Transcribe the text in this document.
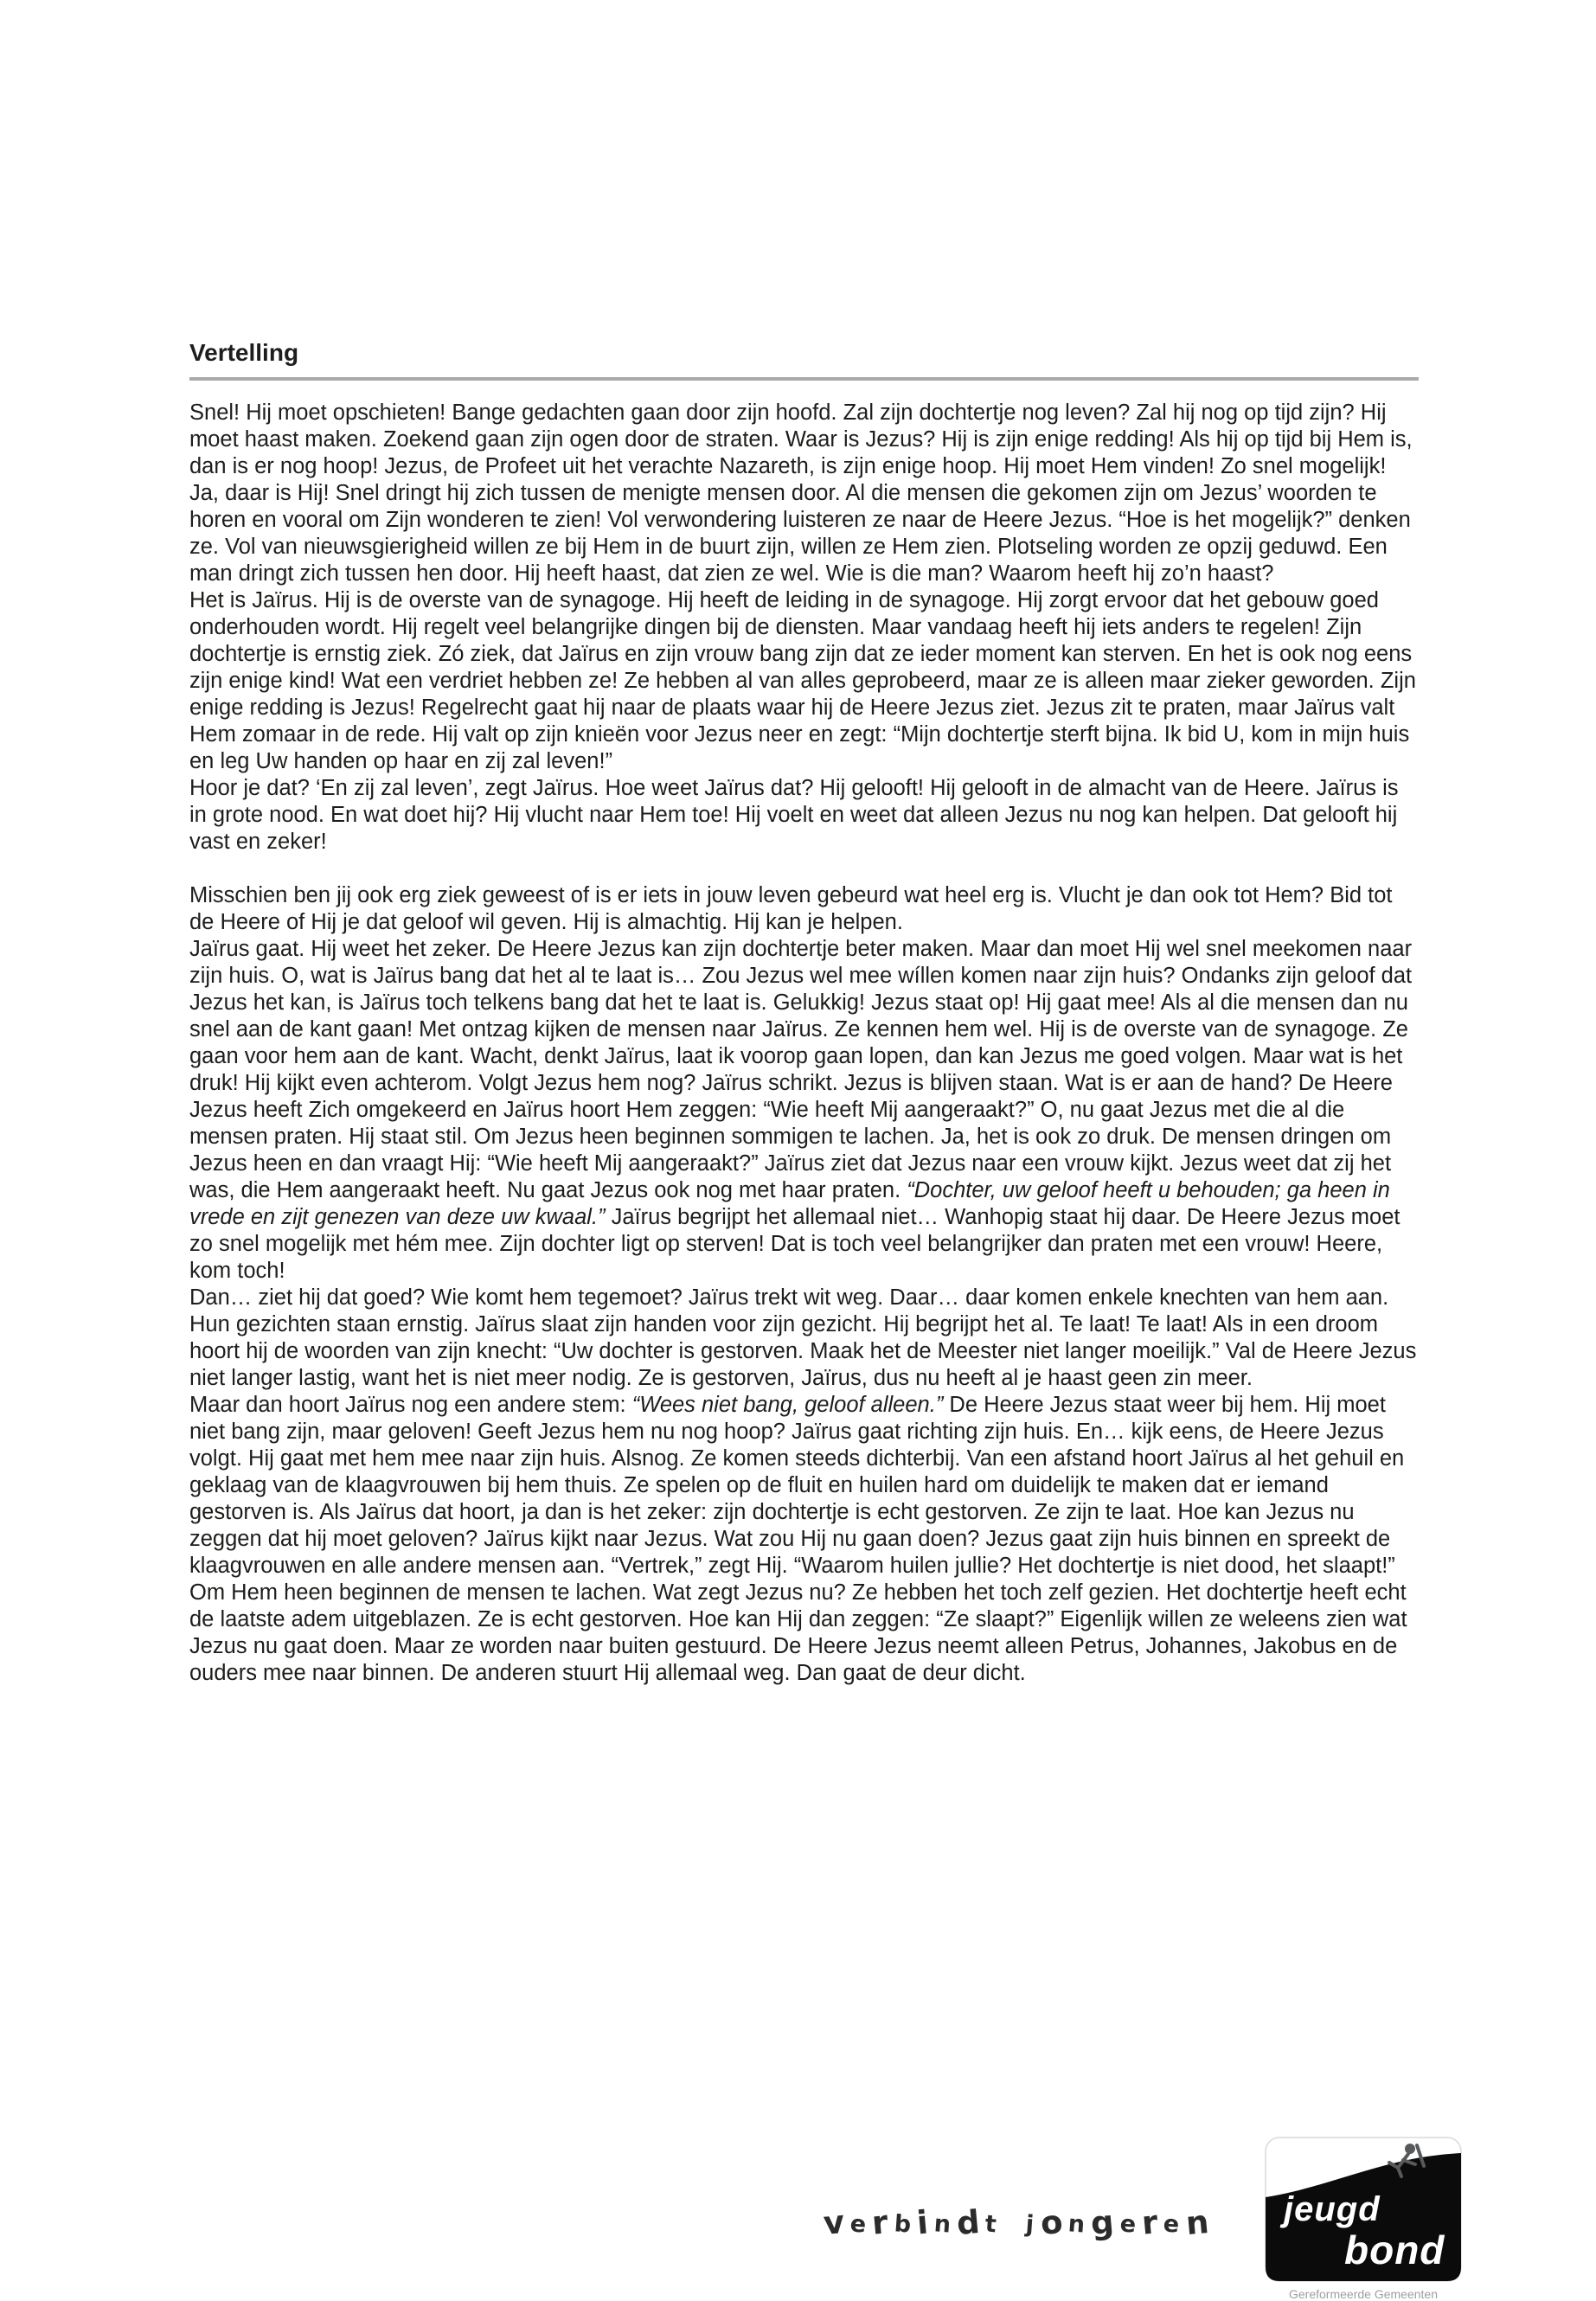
Vertelling

Snel! Hij moet opschieten! Bange gedachten gaan door zijn hoofd. Zal zijn dochtertje nog leven? Zal hij nog op tijd zijn? Hij moet haast maken. Zoekend gaan zijn ogen door de straten. Waar is Jezus? Hij is zijn enige redding! Als hij op tijd bij Hem is, dan is er nog hoop! Jezus, de Profeet uit het verachte Nazareth, is zijn enige hoop. Hij moet Hem vinden! Zo snel mogelijk!

Ja, daar is Hij! Snel dringt hij zich tussen de menigte mensen door. Al die mensen die gekomen zijn om Jezus’ woorden te horen en vooral om Zijn wonderen te zien! Vol verwondering luisteren ze naar de Heere Jezus. “Hoe is het mogelijk?” denken ze. Vol van nieuwsgierigheid willen ze bij Hem in de buurt zijn, willen ze Hem zien. Plotseling worden ze opzij geduwd. Een man dringt zich tussen hen door. Hij heeft haast, dat zien ze wel. Wie is die man? Waarom heeft hij zo’n haast?

Het is Jaïrus. Hij is de overste van de synagoge. Hij heeft de leiding in de synagoge. Hij zorgt ervoor dat het gebouw goed onderhouden wordt. Hij regelt veel belangrijke dingen bij de diensten. Maar vandaag heeft hij iets anders te regelen! Zijn dochtertje is ernstig ziek. Zó ziek, dat Jaïrus en zijn vrouw bang zijn dat ze ieder moment kan sterven. En het is ook nog eens zijn enige kind! Wat een verdriet hebben ze! Ze hebben al van alles geprobeerd, maar ze is alleen maar zieker geworden. Zijn enige redding is Jezus! Regelrecht gaat hij naar de plaats waar hij de Heere Jezus ziet. Jezus zit te praten, maar Jaïrus valt Hem zomaar in de rede. Hij valt op zijn knieën voor Jezus neer en zegt: “Mijn dochtertje sterft bijna. Ik bid U, kom in mijn huis en leg Uw handen op haar en zij zal leven!”

Hoor je dat? ‘En zij zal leven’, zegt Jaïrus. Hoe weet Jaïrus dat? Hij gelooft! Hij gelooft in de almacht van de Heere. Jaïrus is in grote nood. En wat doet hij? Hij vlucht naar Hem toe! Hij voelt en weet dat alleen Jezus nu nog kan helpen. Dat gelooft hij vast en zeker!

Misschien ben jij ook erg ziek geweest of is er iets in jouw leven gebeurd wat heel erg is. Vlucht je dan ook tot Hem? Bid tot de Heere of Hij je dat geloof wil geven. Hij is almachtig. Hij kan je helpen.

Jaïrus gaat. Hij weet het zeker. De Heere Jezus kan zijn dochtertje beter maken. Maar dan moet Hij wel snel meekomen naar zijn huis. O, wat is Jaïrus bang dat het al te laat is… Zou Jezus wel mee wíllen komen naar zijn huis? Ondanks zijn geloof dat Jezus het kan, is Jaïrus toch telkens bang dat het te laat is. Gelukkig! Jezus staat op! Hij gaat mee! Als al die mensen dan nu snel aan de kant gaan! Met ontzag kijken de mensen naar Jaïrus. Ze kennen hem wel. Hij is de overste van de synagoge. Ze gaan voor hem aan de kant. Wacht, denkt Jaïrus, laat ik voorop gaan lopen, dan kan Jezus me goed volgen. Maar wat is het druk! Hij kijkt even achterom. Volgt Jezus hem nog? Jaïrus schrikt. Jezus is blijven staan. Wat is er aan de hand? De Heere Jezus heeft Zich omgekeerd en Jaïrus hoort Hem zeggen: “Wie heeft Mij aangeraakt?” O, nu gaat Jezus met die al die mensen praten. Hij staat stil. Om Jezus heen beginnen sommigen te lachen. Ja, het is ook zo druk. De mensen dringen om Jezus heen en dan vraagt Hij: “Wie heeft Mij aangeraakt?” Jaïrus ziet dat Jezus naar een vrouw kijkt. Jezus weet dat zij het was, die Hem aangeraakt heeft. Nu gaat Jezus ook nog met haar praten. “Dochter, uw geloof heeft u behouden; ga heen in vrede en zijt genezen van deze uw kwaal.” Jaïrus begrijpt het allemaal niet… Wanhopig staat hij daar. De Heere Jezus moet zo snel mogelijk met hém mee. Zijn dochter ligt op sterven! Dat is toch veel belangrijker dan praten met een vrouw! Heere, kom toch!

Dan… ziet hij dat goed? Wie komt hem tegemoet? Jaïrus trekt wit weg. Daar… daar komen enkele knechten van hem aan. Hun gezichten staan ernstig. Jaïrus slaat zijn handen voor zijn gezicht. Hij begrijpt het al. Te laat! Te laat! Als in een droom hoort hij de woorden van zijn knecht: “Uw dochter is gestorven. Maak het de Meester niet langer moeilijk.” Val de Heere Jezus niet langer lastig, want het is niet meer nodig. Ze is gestorven, Jaïrus, dus nu heeft al je haast geen zin meer.

Maar dan hoort Jaïrus nog een andere stem: “Wees niet bang, geloof alleen.” De Heere Jezus staat weer bij hem. Hij moet niet bang zijn, maar geloven! Geeft Jezus hem nu nog hoop? Jaïrus gaat richting zijn huis. En… kijk eens, de Heere Jezus volgt. Hij gaat met hem mee naar zijn huis. Alsnog. Ze komen steeds dichterbij. Van een afstand hoort Jaïrus al het gehuil en geklaag van de klaagvrouwen bij hem thuis. Ze spelen op de fluit en huilen hard om duidelijk te maken dat er iemand gestorven is. Als Jaïrus dat hoort, ja dan is het zeker: zijn dochtertje is echt gestorven. Ze zijn te laat. Hoe kan Jezus nu zeggen dat hij moet geloven? Jaïrus kijkt naar Jezus. Wat zou Hij nu gaan doen? Jezus gaat zijn huis binnen en spreekt de klaagvrouwen en alle andere mensen aan. “Vertrek,” zegt Hij. “Waarom huilen jullie? Het dochtertje is niet dood, het slaapt!” Om Hem heen beginnen de mensen te lachen. Wat zegt Jezus nu? Ze hebben het toch zelf gezien. Het dochtertje heeft echt de laatste adem uitgeblazen. Ze is echt gestorven. Hoe kan Hij dan zeggen: “Ze slaapt?” Eigenlijk willen ze weleens zien wat Jezus nu gaat doen. Maar ze worden naar buiten gestuurd. De Heere Jezus neemt alleen Petrus, Johannes, Jakobus en de ouders mee naar binnen. De anderen stuurt Hij allemaal weg. Dan gaat de deur dicht.

v e r b i n d t
j o n g e r e n jeugd
bond
Gereformeerde Gemeenten
